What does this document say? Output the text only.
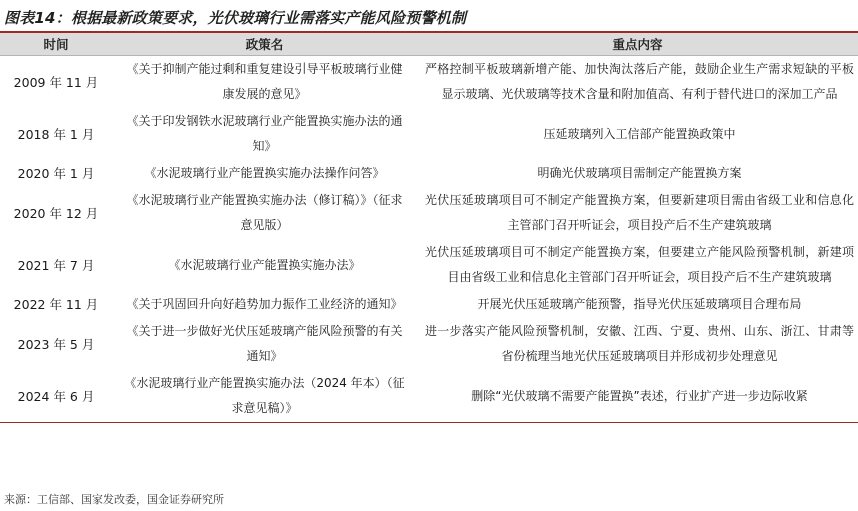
图表14：根据最新政策要求，光伏玻璃行业需落实产能风险预警机制
时间	政策名	重点内容
2009 年 11 月	《关于抑制产能过剩和重复建设引导平板玻璃行业健康发展的意见》	严格控制平板玻璃新增产能、加快淘汰落后产能，鼓励企业生产需求短缺的平板显示玻璃、光伏玻璃等技术含量和附加值高、有利于替代进口的深加工产品
2018 年 1 月	《关于印发钢铁水泥玻璃行业产能置换实施办法的通知》	压延玻璃列入工信部产能置换政策中
2020 年 1 月	《水泥玻璃行业产能置换实施办法操作问答》	明确光伏玻璃项目需制定产能置换方案
2020 年 12 月	《水泥玻璃行业产能置换实施办法（修订稿）》（征求意见版）	光伏压延玻璃项目可不制定产能置换方案，但要新建项目需由省级工业和信息化主管部门召开听证会，项目投产后不生产建筑玻璃
2021 年 7 月	《水泥玻璃行业产能置换实施办法》	光伏压延玻璃项目可不制定产能置换方案，但要建立产能风险预警机制，新建项目由省级工业和信息化主管部门召开听证会，项目投产后不生产建筑玻璃
2022 年 11 月	《关于巩固回升向好趋势加力振作工业经济的通知》	开展光伏压延玻璃产能预警，指导光伏压延玻璃项目合理布局
2023 年 5 月	《关于进一步做好光伏压延玻璃产能风险预警的有关通知》	进一步落实产能风险预警机制，安徽、江西、宁夏、贵州、山东、浙江、甘肃等省份梳理当地光伏压延玻璃项目并形成初步处理意见
2024 年 6 月	《水泥玻璃行业产能置换实施办法（2024 年本）（征求意见稿）》	删除“光伏玻璃不需要产能置换”表述，行业扩产进一步边际收紧
来源：工信部、国家发改委，国金证券研究所
